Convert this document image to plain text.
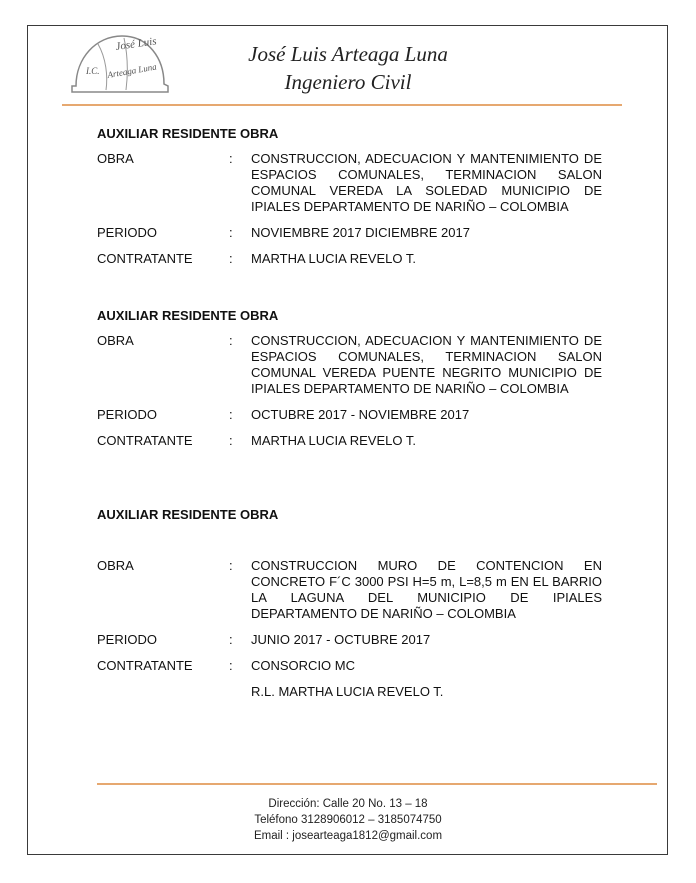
José Luis
I.C. Arteaga Luna
José Luis Arteaga Luna
Ingeniero Civil

AUXILIAR RESIDENTE OBRA

OBRA	:	CONSTRUCCION, ADECUACION Y MANTENIMIENTO DE ESPACIOS COMUNALES, TERMINACION SALON COMUNAL VEREDA LA SOLEDAD MUNICIPIO DE IPIALES DEPARTAMENTO DE NARIÑO – COLOMBIA
PERIODO	:	NOVIEMBRE 2017 DICIEMBRE 2017
CONTRATANTE	:	MARTHA LUCIA REVELO T.

AUXILIAR RESIDENTE OBRA

OBRA	:	CONSTRUCCION, ADECUACION Y MANTENIMIENTO DE ESPACIOS COMUNALES, TERMINACION SALON COMUNAL VEREDA PUENTE NEGRITO MUNICIPIO DE IPIALES DEPARTAMENTO DE NARIÑO – COLOMBIA
PERIODO	:	OCTUBRE 2017 - NOVIEMBRE 2017
CONTRATANTE	:	MARTHA LUCIA REVELO T.

AUXILIAR RESIDENTE OBRA

OBRA	:	CONSTRUCCION MURO DE CONTENCION EN CONCRETO F´C 3000 PSI H=5 m, L=8,5 m EN EL BARRIO LA LAGUNA DEL MUNICIPIO DE IPIALES DEPARTAMENTO DE NARIÑO – COLOMBIA
PERIODO	:	JUNIO 2017 - OCTUBRE 2017
CONTRATANTE	:	CONSORCIO MC
R.L. MARTHA LUCIA REVELO T.
Dirección: Calle 20 No. 13 – 18
Teléfono 3128906012 – 3185074750
Email : josearteaga1812@gmail.com
